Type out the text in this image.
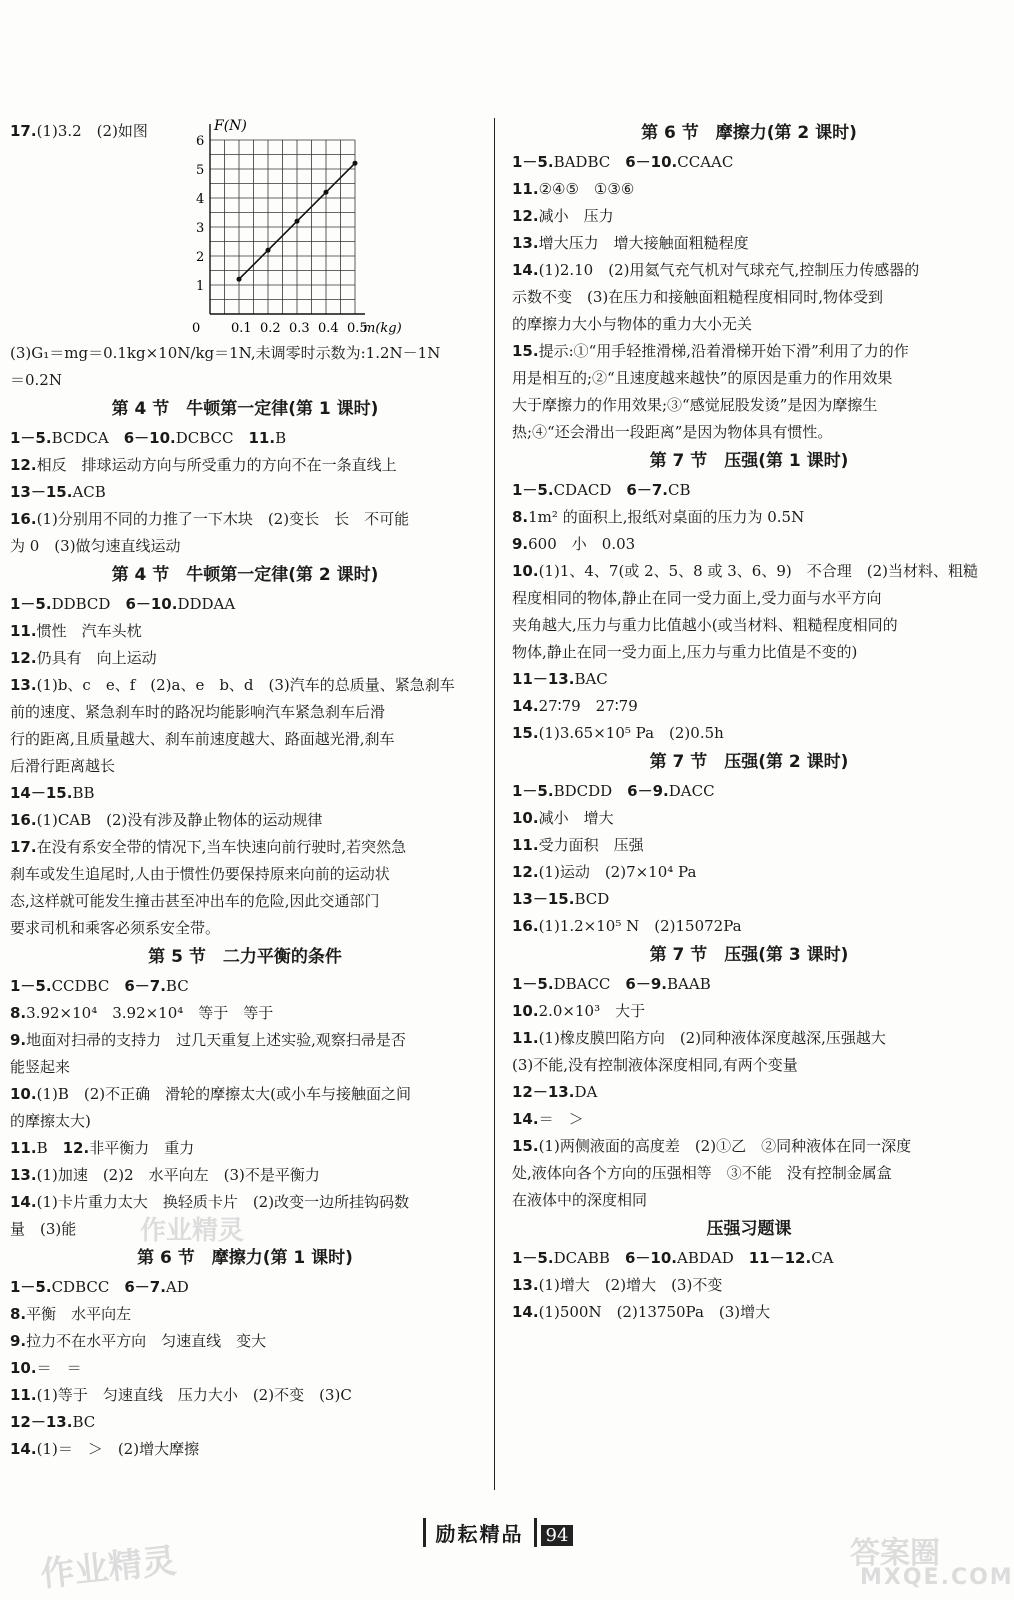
17.(1)3.2　(2)如图	F(N)
1
2
3
4
5
6
0 0.1 0.2 0.3 0.4 0.5
m(kg)
(3)G₁＝mg＝0.1kg×10N/kg＝1N,未调零时示数为:1.2N－1N
＝0.2N
第 4 节　牛顿第一定律(第 1 课时)
1－5.BCDCA　6－10.DCBCC　11.B
12.相反　排球运动方向与所受重力的方向不在一条直线上
13－15.ACB
16.(1)分别用不同的力推了一下木块　(2)变长　长　不可能
为 0　(3)做匀速直线运动
第 4 节　牛顿第一定律(第 2 课时)
1－5.DDBCD　6－10.DDDAA
11.惯性　汽车头枕
12.仍具有　向上运动
13.(1)b、c　e、f　(2)a、e　b、d　(3)汽车的总质量、紧急刹车
前的速度、紧急刹车时的路况均能影响汽车紧急刹车后滑
行的距离,且质量越大、刹车前速度越大、路面越光滑,刹车
后滑行距离越长
14－15.BB
16.(1)CAB　(2)没有涉及静止物体的运动规律
17.在没有系安全带的情况下,当车快速向前行驶时,若突然急
刹车或发生追尾时,人由于惯性仍要保持原来向前的运动状
态,这样就可能发生撞击甚至冲出车的危险,因此交通部门
要求司机和乘客必须系安全带。
第 5 节　二力平衡的条件
1－5.CCDBC　6－7.BC
8.3.92×10⁴　3.92×10⁴　等于　等于
9.地面对扫帚的支持力　过几天重复上述实验,观察扫帚是否
能竖起来
10.(1)B　(2)不正确　滑轮的摩擦太大(或小车与接触面之间
的摩擦太大)
11.B　12.非平衡力　重力
13.(1)加速　(2)2　水平向左　(3)不是平衡力
14.(1)卡片重力太大　换轻质卡片　(2)改变一边所挂钩码数
量　(3)能
第 6 节　摩擦力(第 1 课时)
1－5.CDBCC　6－7.AD
8.平衡　水平向左
9.拉力不在水平方向　匀速直线　变大
10.＝　＝
11.(1)等于　匀速直线　压力大小　(2)不变　(3)C
12－13.BC
14.(1)＝　＞　(2)增大摩擦
第 6 节　摩擦力(第 2 课时)
1－5.BADBC　6－10.CCAAC
11.②④⑤　①③⑥
12.减小　压力
13.增大压力　增大接触面粗糙程度
14.(1)2.10　(2)用氦气充气机对气球充气,控制压力传感器的
示数不变　(3)在压力和接触面粗糙程度相同时,物体受到
的摩擦力大小与物体的重力大小无关
15.提示:①“用手轻推滑梯,沿着滑梯开始下滑”利用了力的作
用是相互的;②“且速度越来越快”的原因是重力的作用效果
大于摩擦力的作用效果;③“感觉屁股发烫”是因为摩擦生
热;④“还会滑出一段距离”是因为物体具有惯性。
第 7 节　压强(第 1 课时)
1－5.CDACD　6－7.CB
8.1m² 的面积上,报纸对桌面的压力为 0.5N
9.600　小　0.03
10.(1)1、4、7(或 2、5、8 或 3、6、9)　不合理　(2)当材料、粗糙
程度相同的物体,静止在同一受力面上,受力面与水平方向
夹角越大,压力与重力比值越小(或当材料、粗糙程度相同的
物体,静止在同一受力面上,压力与重力比值是不变的)
11－13.BAC
14.27∶79　27∶79
15.(1)3.65×10⁵ Pa　(2)0.5h
第 7 节　压强(第 2 课时)
1－5.BDCDD　6－9.DACC
10.减小　增大
11.受力面积　压强
12.(1)运动　(2)7×10⁴ Pa
13－15.BCD
16.(1)1.2×10⁵ N　(2)15072Pa
第 7 节　压强(第 3 课时)
1－5.DBACC　6－9.BAAB
10.2.0×10³　大于
11.(1)橡皮膜凹陷方向　(2)同种液体深度越深,压强越大
(3)不能,没有控制液体深度相同,有两个变量
12－13.DA
14.＝　＞
15.(1)两侧液面的高度差　(2)①乙　②同种液体在同一深度
处,液体向各个方向的压强相等　③不能　没有控制金属盒
在液体中的深度相同
压强习题课
1－5.DCABB　6－10.ABDAD　11－12.CA
13.(1)增大　(2)增大　(3)不变
14.(1)500N　(2)13750Pa　(3)增大
励耘精品 94
作业精灵	答案圈
MXQE.COM
作业精灵
